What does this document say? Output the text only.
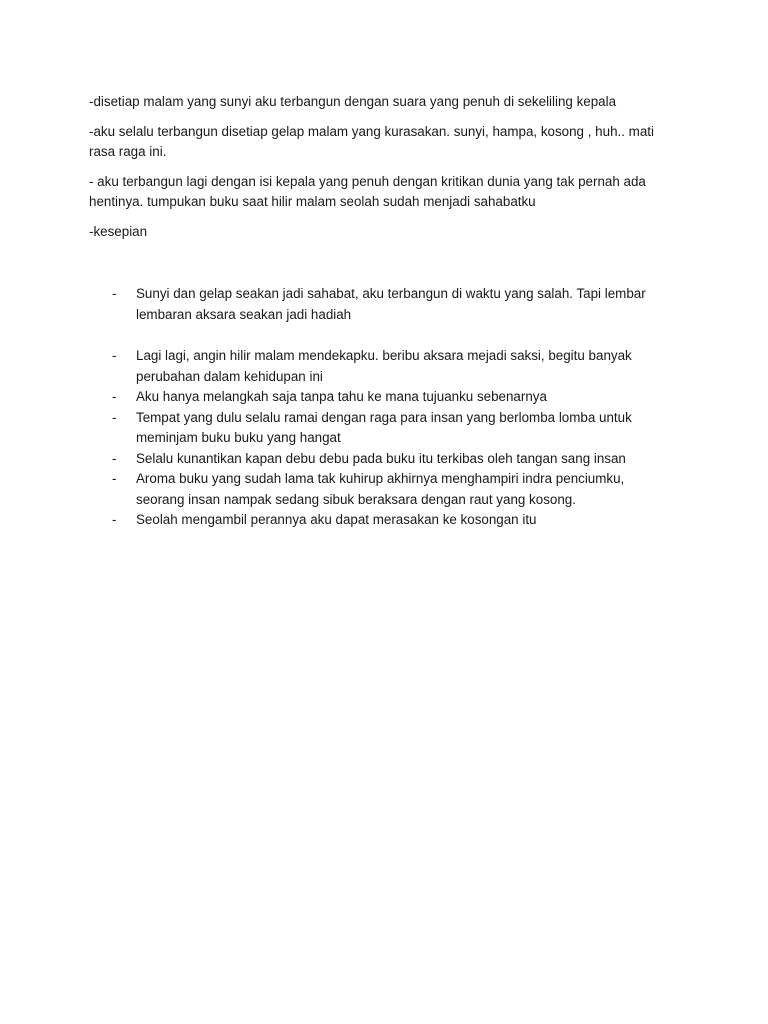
-disetiap malam yang sunyi aku terbangun dengan suara yang penuh di sekeliling kepala

-aku selalu terbangun disetiap gelap malam yang kurasakan. sunyi, hampa, kosong , huh.. mati rasa raga ini.

- aku terbangun lagi dengan isi kepala yang penuh dengan kritikan dunia yang tak pernah ada hentinya. tumpukan buku saat hilir malam seolah sudah menjadi sahabatku

-kesepian

- Sunyi dan gelap seakan jadi sahabat, aku terbangun di waktu yang salah. Tapi lembar lembaran aksara seakan jadi hadiah
- Lagi lagi, angin hilir malam mendekapku. beribu aksara mejadi saksi, begitu banyak perubahan dalam kehidupan ini
- Aku hanya melangkah saja tanpa tahu ke mana tujuanku sebenarnya
- Tempat yang dulu selalu ramai dengan raga para insan yang berlomba lomba untuk meminjam buku buku yang hangat
- Selalu kunantikan kapan debu debu pada buku itu terkibas oleh tangan sang insan
- Aroma buku yang sudah lama tak kuhirup akhirnya menghampiri indra penciumku, seorang insan nampak sedang sibuk beraksara dengan raut yang kosong.
- Seolah mengambil perannya aku dapat merasakan ke kosongan itu
